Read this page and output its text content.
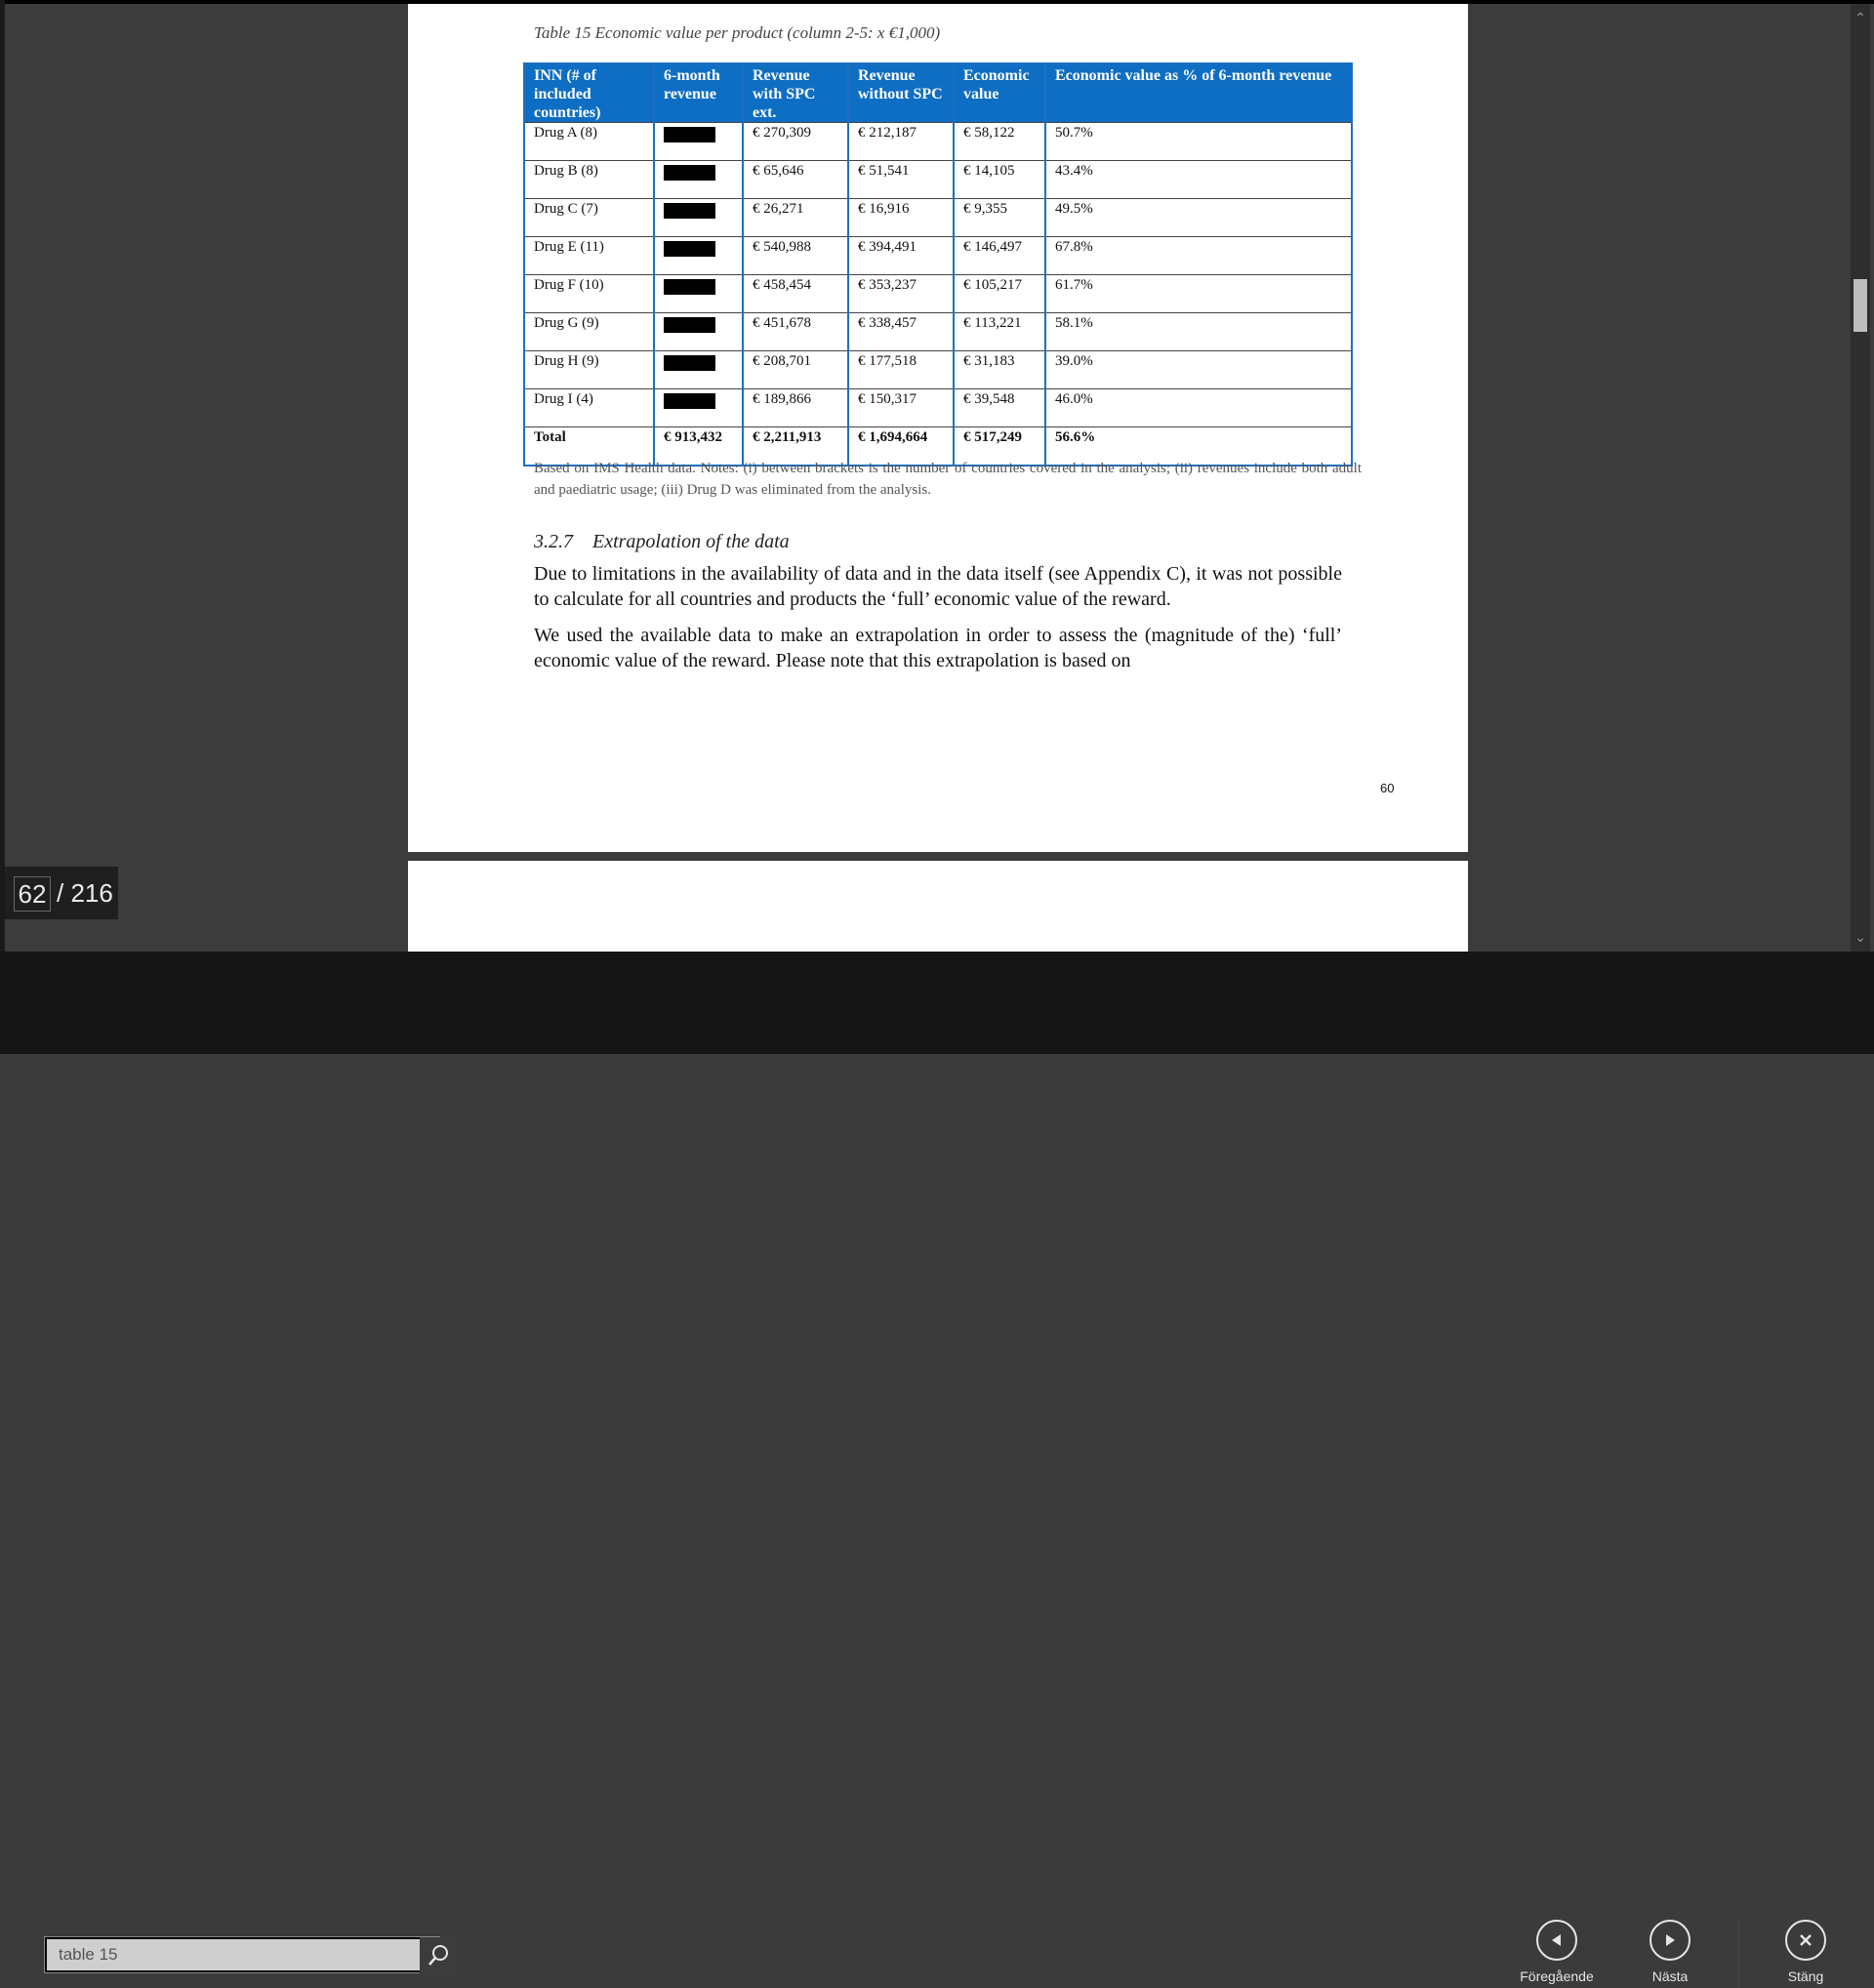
Table 15 Economic value per product (column 2-5: x €1,000)
INN (# of included countries)	6-month revenue	Revenue with SPC ext.	Revenue without SPC	Economic value	Economic value as % of 6-month revenue
Drug A (8)		€ 270,309	€ 212,187	€ 58,122	50.7%
Drug B (8)		€ 65,646	€ 51,541	€ 14,105	43.4%
Drug C (7)		€ 26,271	€ 16,916	€ 9,355	49.5%
Drug E (11)		€ 540,988	€ 394,491	€ 146,497	67.8%
Drug F (10)		€ 458,454	€ 353,237	€ 105,217	61.7%
Drug G (9)		€ 451,678	€ 338,457	€ 113,221	58.1%
Drug H (9)		€ 208,701	€ 177,518	€ 31,183	39.0%
Drug I (4)		€ 189,866	€ 150,317	€ 39,548	46.0%
Total	€ 913,432	€ 2,211,913	€ 1,694,664	€ 517,249	56.6%
Based on IMS Health data. Notes: (i) between brackets is the number of countries covered in the analysis; (ii) revenues include both adult and paediatric usage; (iii) Drug D was eliminated from the analysis.
3.2.7 Extrapolation of the data
Due to limitations in the availability of data and in the data itself (see Appendix C), it was not possible to calculate for all countries and products the ‘full’ economic value of the reward.
We used the available data to make an extrapolation in order to assess the (magnitude of the) ‘full’ economic value of the reward. Please note that this extrapolation is based on
60
⌃
⌄
62 / 216
table 15
Föregående	Nästa	Stäng
